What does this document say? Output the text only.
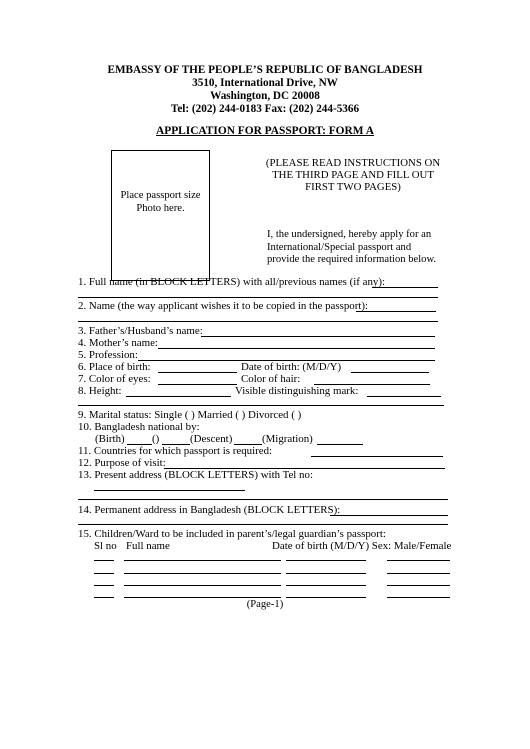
EMBASSY OF THE PEOPLE’S REPUBLIC OF BANGLADESH
3510, International Drive, NW
Washington, DC 20008
Tel: (202) 244-0183 Fax: (202) 244-5366
APPLICATION FOR PASSPORT: FORM A
Place passport size
Photo here.
(PLEASE READ INSTRUCTIONS ON
THE THIRD PAGE AND FILL OUT
FIRST TWO PAGES)
I, the undersigned, hereby apply for an
International/Special passport and
provide the required information below.
1. Full name (in BLOCK LETTERS) with all/previous names (if any):
2. Name (the way applicant wishes it to be copied in the passport):
3. Father’s/Husband’s name:
4. Mother’s name:
5. Profession:
6. Place of birth:	Date of birth: (M/D/Y)
7. Color of eyes:	Color of hair:
8. Height:	Visible distinguishing mark:
9. Marital status: Single ( ) Married ( ) Divorced ( )
10. Bangladesh national by:
(Birth)	()	(Descent)	(Migration)
11. Countries for which passport is required:
12. Purpose of visit:
13. Present address (BLOCK LETTERS) with Tel no:
14. Permanent address in Bangladesh (BLOCK LETTERS):
15. Children/Ward to be included in parent’s/legal guardian’s passport:
Sl no Full name	Date of birth (M/D/Y) Sex: Male/Female
(Page-1)
